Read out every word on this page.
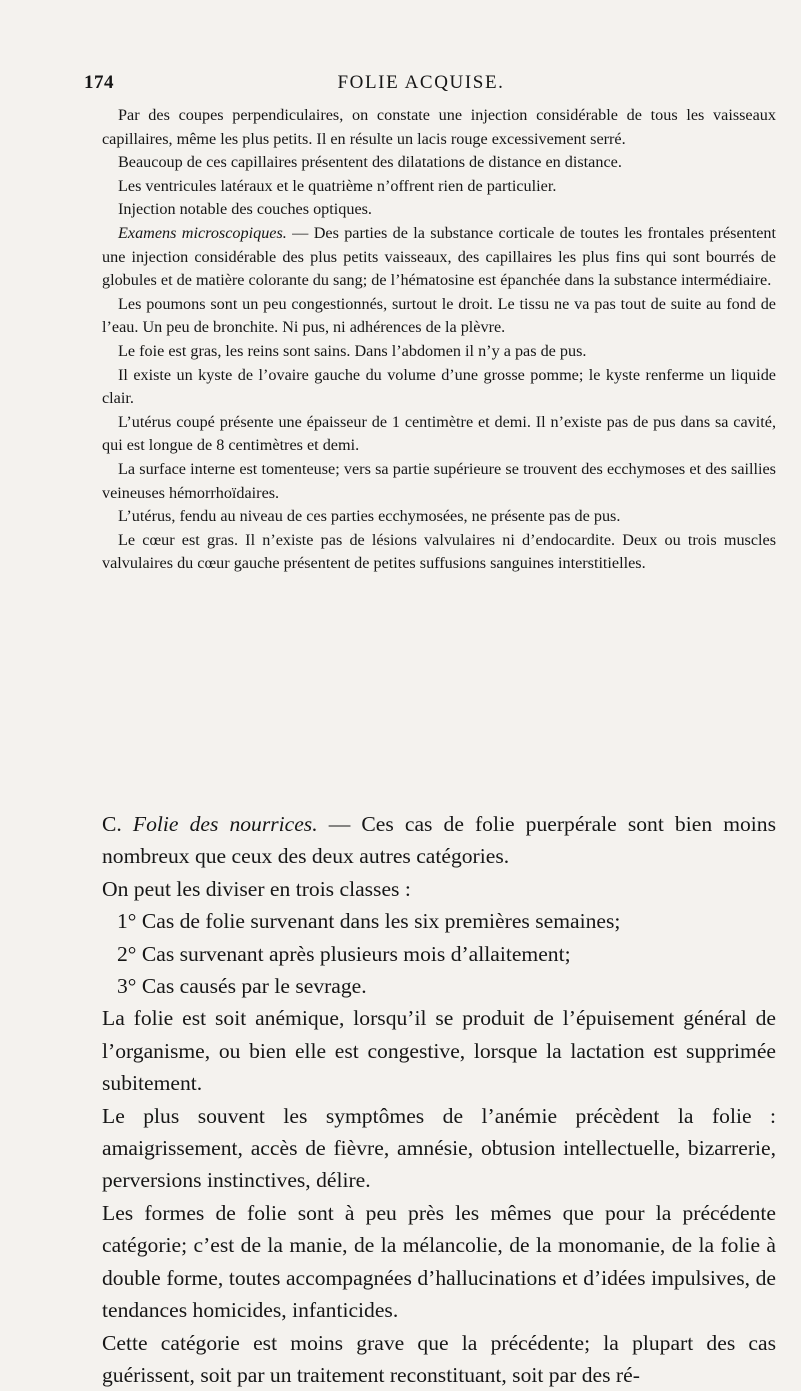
174	FOLIE ACQUISE.

Par des coupes perpendiculaires, on constate une injection considérable de tous les vaisseaux capillaires, même les plus petits. Il en résulte un lacis rouge excessivement serré.

Beaucoup de ces capillaires présentent des dilatations de distance en distance.

Les ventricules latéraux et le quatrième n’offrent rien de particulier.

Injection notable des couches optiques.

Examens microscopiques. — Des parties de la substance corticale de toutes les frontales présentent une injection considérable des plus petits vaisseaux, des capillaires les plus fins qui sont bourrés de globules et de matière colorante du sang; de l’hématosine est épanchée dans la substance intermédiaire.

Les poumons sont un peu congestionnés, surtout le droit. Le tissu ne va pas tout de suite au fond de l’eau. Un peu de bronchite. Ni pus, ni adhérences de la plèvre.

Le foie est gras, les reins sont sains. Dans l’abdomen il n’y a pas de pus.

Il existe un kyste de l’ovaire gauche du volume d’une grosse pomme; le kyste renferme un liquide clair.

L’utérus coupé présente une épaisseur de 1 centimètre et demi. Il n’existe pas de pus dans sa cavité, qui est longue de 8 centimètres et demi.

La surface interne est tomenteuse; vers sa partie supérieure se trouvent des ecchymoses et des saillies veineuses hémorrhoïdaires.

L’utérus, fendu au niveau de ces parties ecchymosées, ne présente pas de pus.

Le cœur est gras. Il n’existe pas de lésions valvulaires ni d’endocardite. Deux ou trois muscles valvulaires du cœur gauche présentent de petites suffusions sanguines interstitielles.

C. Folie des nourrices. — Ces cas de folie puerpérale sont bien moins nombreux que ceux des deux autres catégories.

On peut les diviser en trois classes :

1° Cas de folie survenant dans les six premières semaines;

2° Cas survenant après plusieurs mois d’allaitement;

3° Cas causés par le sevrage.

La folie est soit anémique, lorsqu’il se produit de l’épuisement général de l’organisme, ou bien elle est congestive, lorsque la lactation est supprimée subitement.

Le plus souvent les symptômes de l’anémie précèdent la folie : amaigrissement, accès de fièvre, amnésie, obtusion intellectuelle, bizarrerie, perversions instinctives, délire.

Les formes de folie sont à peu près les mêmes que pour la précédente catégorie; c’est de la manie, de la mélancolie, de la monomanie, de la folie à double forme, toutes accompagnées d’hallucinations et d’idées impulsives, de tendances homicides, infanticides.

Cette catégorie est moins grave que la précédente; la plupart des cas guérissent, soit par un traitement reconstituant, soit par des ré-
